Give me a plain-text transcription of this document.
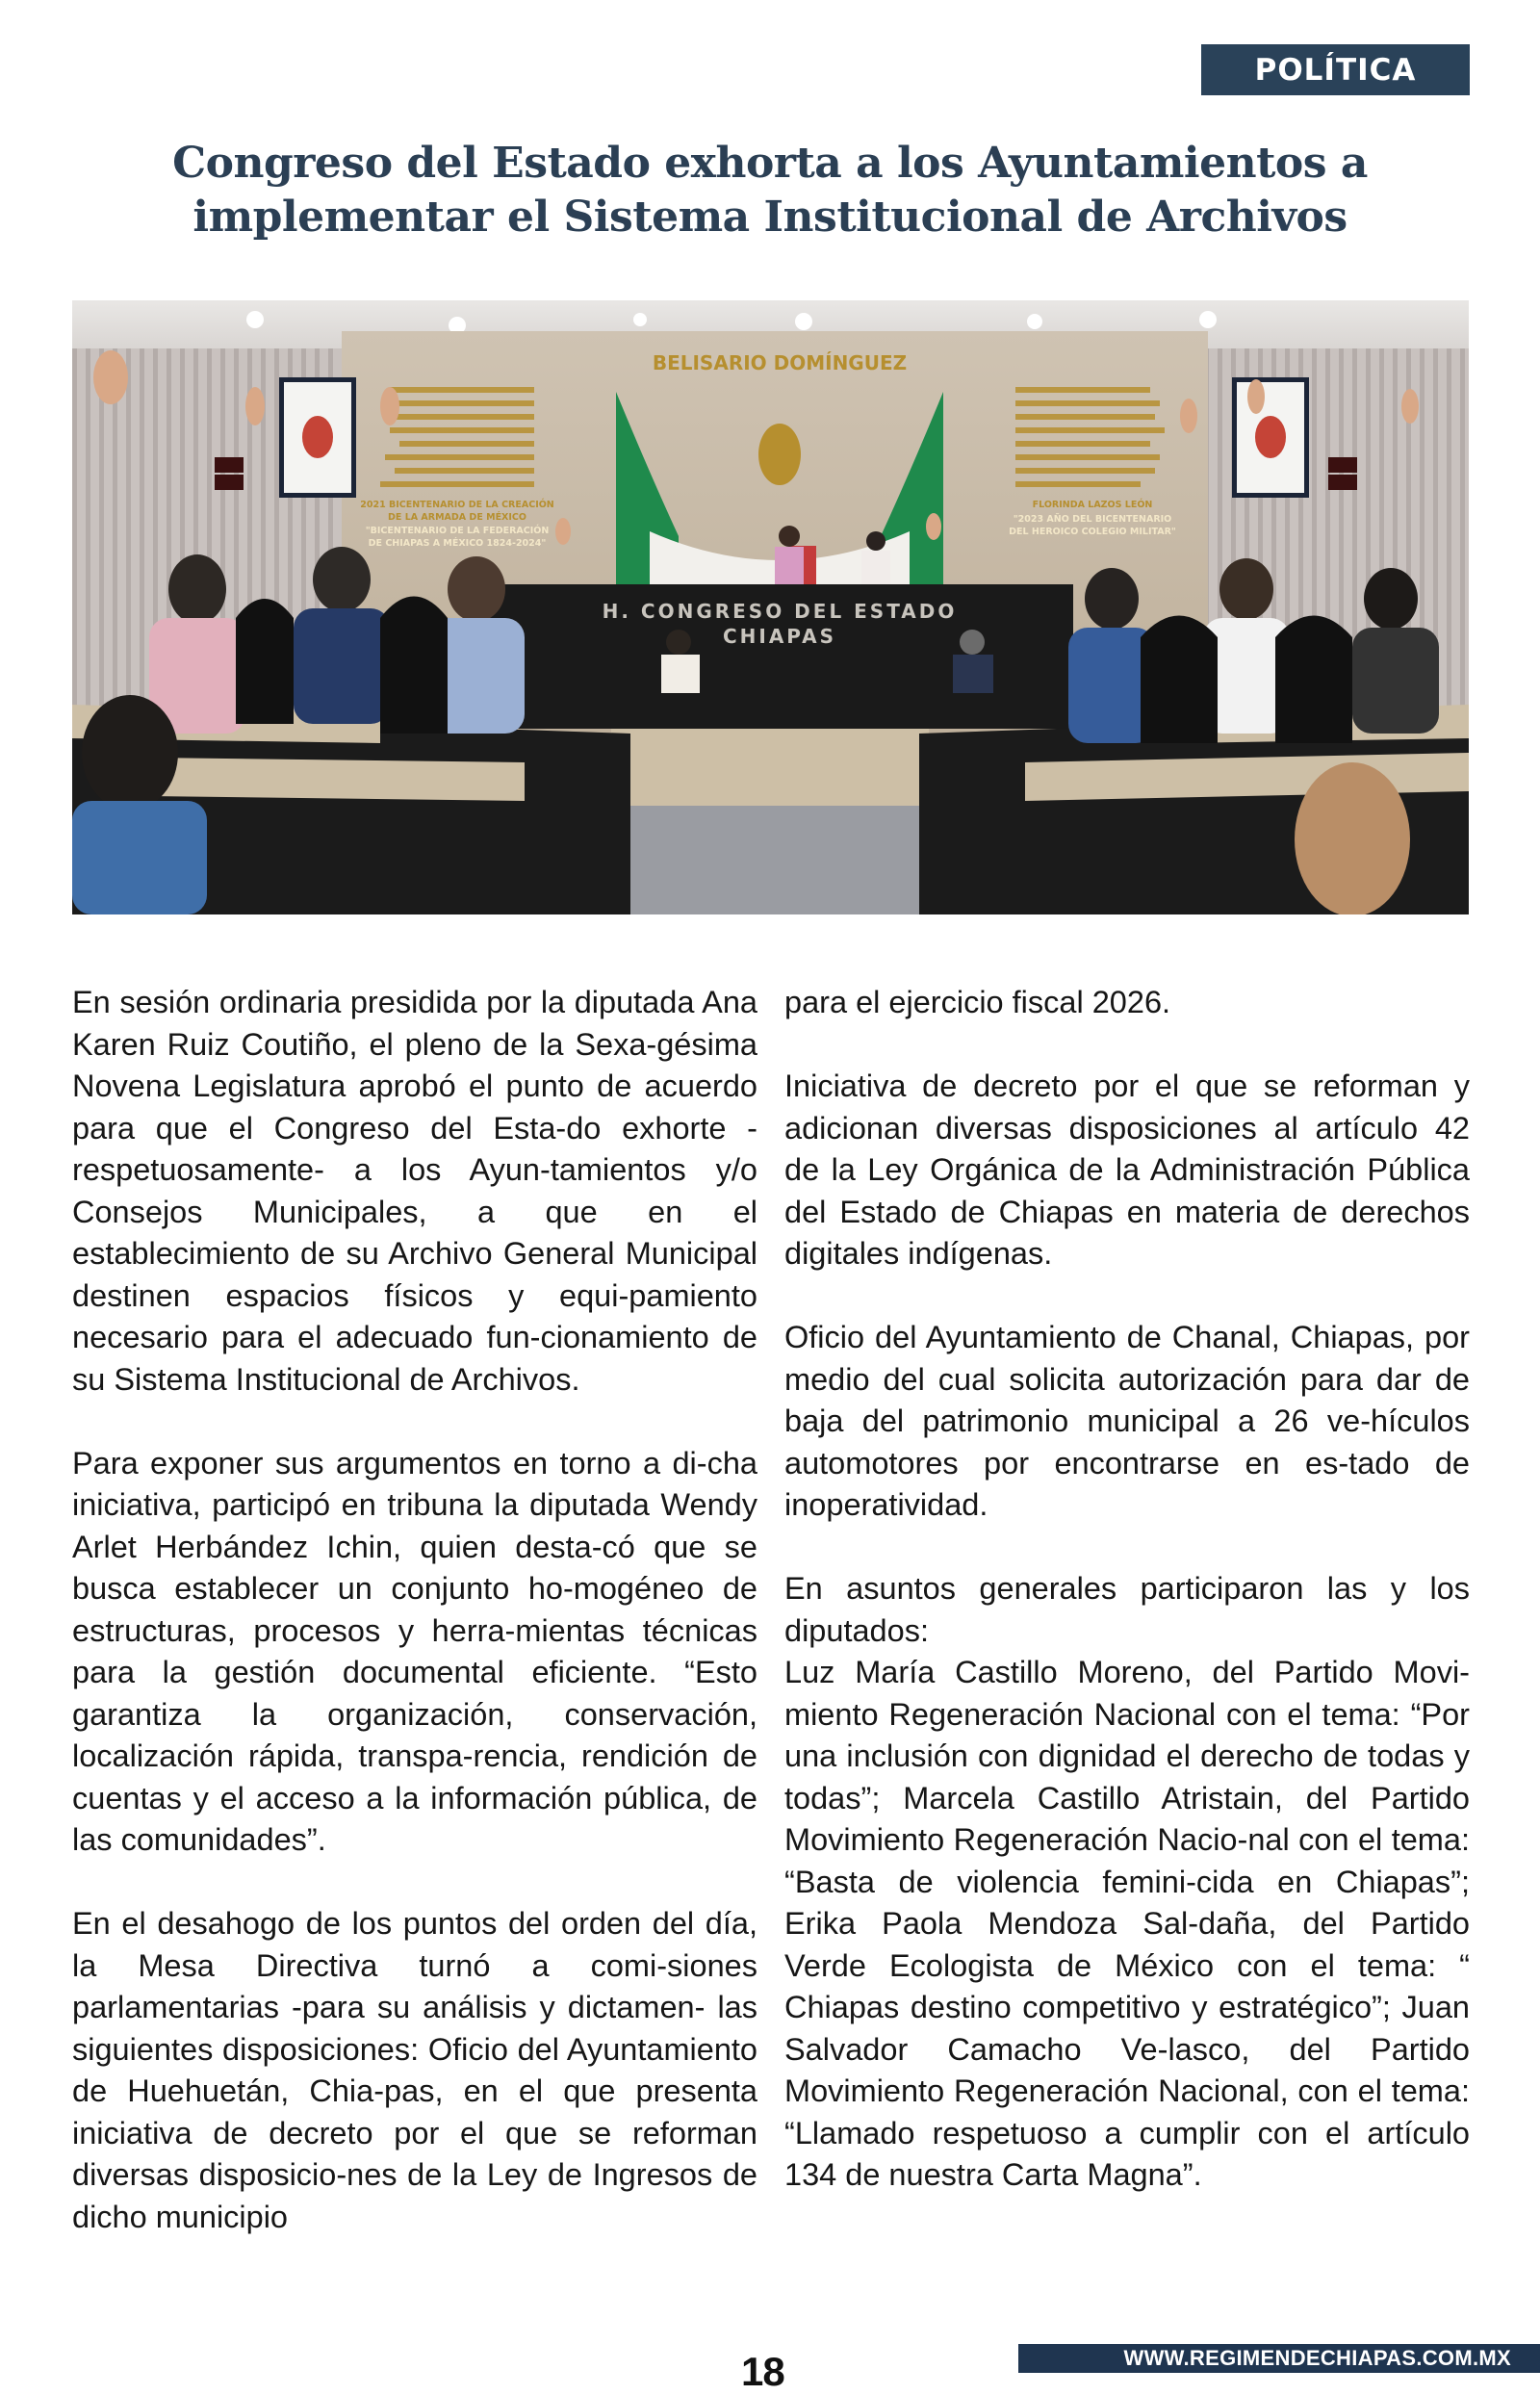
POLÍTICA
Congreso del Estado exhorta a los Ayuntamientos a
implementar el Sistema Institucional de Archivos
BELISARIO DOMÍNGUEZ
2021 BICENTENARIO DE LA CREACIÓN
DE LA ARMADA DE MÉXICO
"BICENTENARIO DE LA FEDERACIÓN
DE CHIAPAS A MÉXICO 1824-2024"
FLORINDA LAZOS LEÓN
"2023 AÑO DEL BICENTENARIO
DEL HEROICO COLEGIO MILITAR"
H. CONGRESO DEL ESTADO
CHIAPAS

En sesión ordinaria presidida por la diputada Ana Karen Ruiz Coutiño, el pleno de la Sexa-gésima Novena Legislatura aprobó el punto de acuerdo para que el Congreso del Esta-do exhorte -respetuosamente- a los Ayun-tamientos y/o Consejos Municipales, a que en el establecimiento de su Archivo General Municipal destinen espacios físicos y equi-pamiento necesario para el adecuado fun-cionamiento de su Sistema Institucional de Archivos.

Para exponer sus argumentos en torno a di-cha iniciativa, participó en tribuna la diputada Wendy Arlet Herbández Ichin, quien desta-có que se busca establecer un conjunto ho-mogéneo de estructuras, procesos y herra-mientas técnicas para la gestión documental eficiente. “Esto garantiza la organización, conservación, localización rápida, transpa-rencia, rendición de cuentas y el acceso a la información pública, de las comunidades”.

En el desahogo de los puntos del orden del día, la Mesa Directiva turnó a comi-siones parlamentarias -para su análisis y dictamen- las siguientes disposiciones: Oficio del Ayuntamiento de Huehuetán, Chia-pas, en el que presenta iniciativa de decreto por el que se reforman diversas disposicio-nes de la Ley de Ingresos de dicho municipio

para el ejercicio fiscal 2026.

Iniciativa de decreto por el que se reforman y adicionan diversas disposiciones al artículo 42 de la Ley Orgánica de la Administración Pública del Estado de Chiapas en materia de derechos digitales indígenas.

Oficio del Ayuntamiento de Chanal, Chiapas, por medio del cual solicita autorización para dar de baja del patrimonio municipal a 26 ve-hículos automotores por encontrarse en es-tado de inoperatividad.

En asuntos generales participaron las y los diputados:

Luz María Castillo Moreno, del Partido Movi-miento Regeneración Nacional con el tema: “Por una inclusión con dignidad el derecho de todas y todas”; Marcela Castillo Atristain, del Partido Movimiento Regeneración Nacio-nal con el tema: “Basta de violencia femini-cida en Chiapas”; Erika Paola Mendoza Sal-daña, del Partido Verde Ecologista de México con el tema: “ Chiapas destino competitivo y estratégico”; Juan Salvador Camacho Ve-lasco, del Partido Movimiento Regeneración Nacional, con el tema: “Llamado respetuoso a cumplir con el artículo 134 de nuestra Carta Magna”.

18	WWW.REGIMENDECHIAPAS.COM.MX
